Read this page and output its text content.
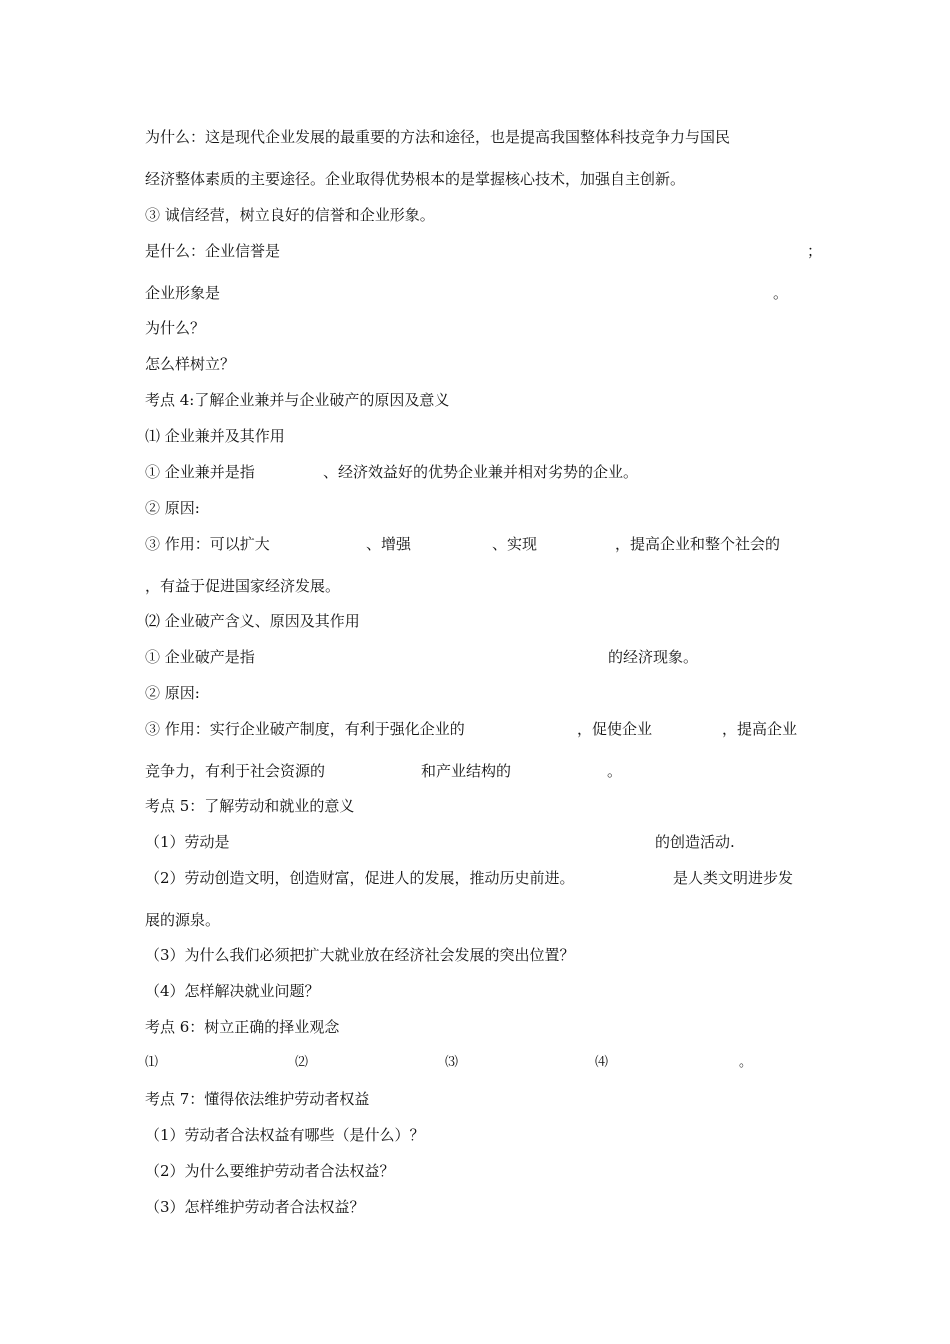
为什么：这是现代企业发展的最重要的方法和途径，也是提高我国整体科技竞争力与国民
经济整体素质的主要途径。企业取得优势根本的是掌握核心技术，加强自主创新。
③ 诚信经营，树立良好的信誉和企业形象。
是什么：企业信誉是	；
企业形象是	。
为什么？
怎么样树立？
考点 4:了解企业兼并与企业破产的原因及意义
⑴ 企业兼并及其作用
① 企业兼并是指	、经济效益好的优势企业兼并相对劣势的企业。
② 原因:
③ 作用：可以扩大	、增强	、实现	，提高企业和整个社会的
，有益于促进国家经济发展。
⑵ 企业破产含义、原因及其作用
① 企业破产是指	的经济现象。
② 原因:
③ 作用：实行企业破产制度，有利于强化企业的	，促使企业	，提高企业
竞争力，有利于社会资源的	和产业结构的	。
考点 5：了解劳动和就业的意义
（1）劳动是	的创造活动.
（2）劳动创造文明，创造财富，促进人的发展，推动历史前进。	是人类文明进步发
展的源泉。
（3）为什么我们必须把扩大就业放在经济社会发展的突出位置？
（4）怎样解决就业问题？
考点 6：树立正确的择业观念
⑴	⑵	⑶	⑷	。
考点 7：懂得依法维护劳动者权益
（1）劳动者合法权益有哪些（是什么）？
（2）为什么要维护劳动者合法权益？
（3）怎样维护劳动者合法权益？
